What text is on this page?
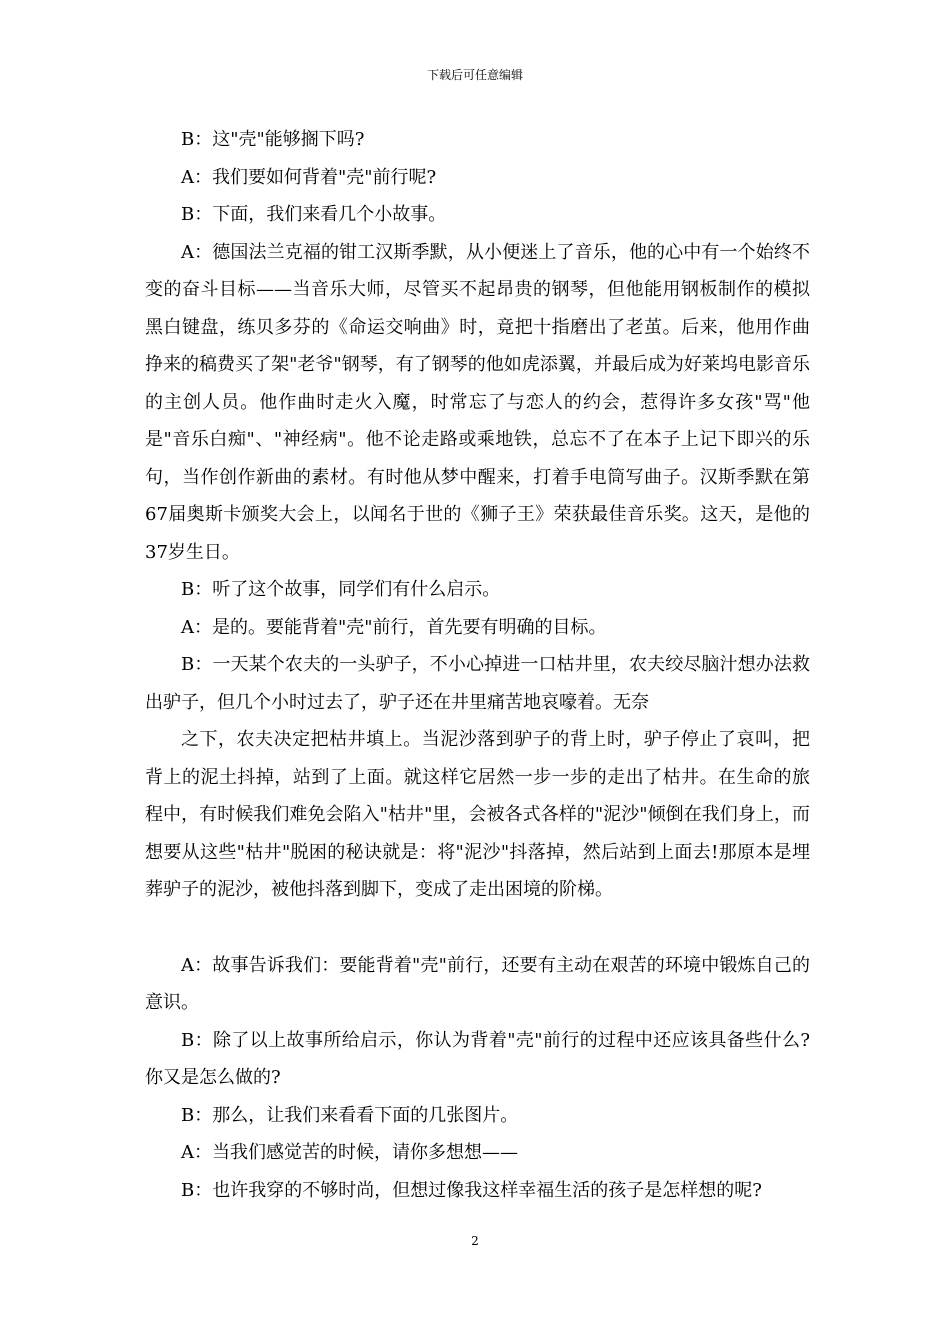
下载后可任意编辑

B：这"壳"能够搁下吗?

A：我们要如何背着"壳"前行呢?

B：下面，我们来看几个小故事。

A：德国法兰克福的钳工汉斯季默，从小便迷上了音乐，他的心中有一个始终不变的奋斗目标——当音乐大师，尽管买不起昂贵的钢琴，但他能用钢板制作的模拟黑白键盘，练贝多芬的《命运交响曲》时，竟把十指磨出了老茧。后来，他用作曲挣来的稿费买了架"老爷"钢琴，有了钢琴的他如虎添翼，并最后成为好莱坞电影音乐的主创人员。他作曲时走火入魔，时常忘了与恋人的约会，惹得许多女孩"骂"他是"音乐白痴"、"神经病"。他不论走路或乘地铁，总忘不了在本子上记下即兴的乐句，当作创作新曲的素材。有时他从梦中醒来，打着手电筒写曲子。汉斯季默在第67届奥斯卡颁奖大会上，以闻名于世的《狮子王》荣获最佳音乐奖。这天，是他的37岁生日。

B：听了这个故事，同学们有什么启示。

A：是的。要能背着"壳"前行，首先要有明确的目标。

B：一天某个农夫的一头驴子，不小心掉进一口枯井里，农夫绞尽脑汁想办法救出驴子，但几个小时过去了，驴子还在井里痛苦地哀嚎着。无奈

之下，农夫决定把枯井填上。当泥沙落到驴子的背上时，驴子停止了哀叫，把背上的泥土抖掉，站到了上面。就这样它居然一步一步的走出了枯井。在生命的旅程中，有时候我们难免会陷入"枯井"里，会被各式各样的"泥沙"倾倒在我们身上，而想要从这些"枯井"脱困的秘诀就是：将"泥沙"抖落掉，然后站到上面去!那原本是埋葬驴子的泥沙，被他抖落到脚下，变成了走出困境的阶梯。

A：故事告诉我们：要能背着"壳"前行，还要有主动在艰苦的环境中锻炼自己的意识。

B：除了以上故事所给启示，你认为背着"壳"前行的过程中还应该具备些什么?你又是怎么做的?

B：那么，让我们来看看下面的几张图片。

A：当我们感觉苦的时候，请你多想想——

B：也许我穿的不够时尚，但想过像我这样幸福生活的孩子是怎样想的呢?

2
